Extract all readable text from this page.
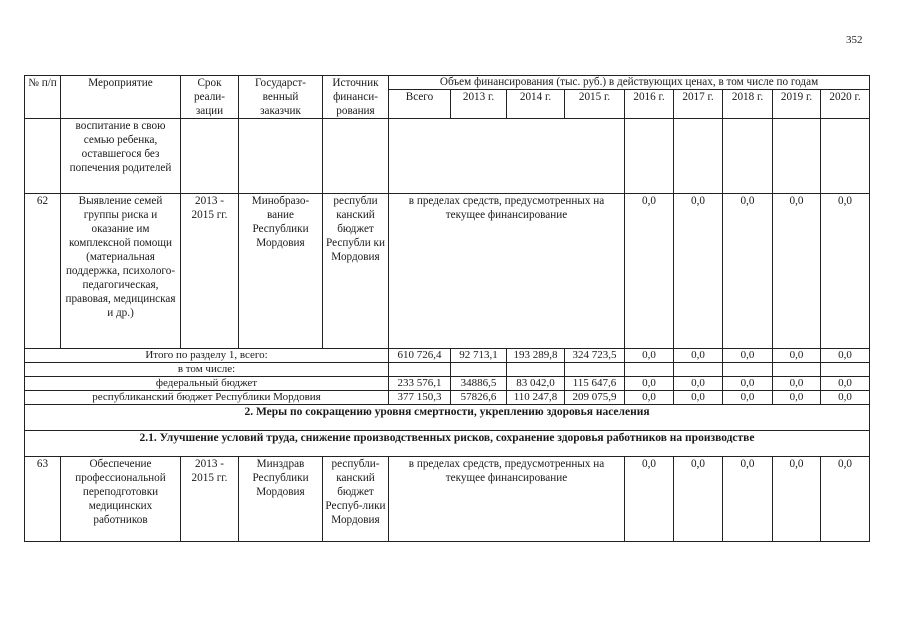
352
№ п/п	Мероприятие	Срок реали-зации	Государст-венный заказчик	Источник финанси-рования	Объем финансирования (тыс. руб.) в действующих ценах, в том числе по годам								
					Всего	2013 г.	2014 г.	2015 г.	2016 г.	2017 г.	2018 г.	2019 г.	2020 г.
	воспитание в свою семью ребенка, оставшегося без попечения родителей												
62	Выявление семей группы риска и оказание им комплексной помощи (материальная поддержка, психолого-педагогическая, правовая, медицинская и др.)	2013 - 2015 гг.	Минобразо-вание Республики Мордовия	республи канский бюджет Республи ки Мордовия	в пределах средств, предусмотренных на текущее финансирование				0,0	0,0	0,0	0,0	0,0
Итого по разделу 1, всего:					610 726,4	92 713,1	193 289,8	324 723,5	0,0	0,0	0,0	0,0	0,0
в том числе:													
федеральный бюджет					233 576,1	34886,5	83 042,0	115 647,6	0,0	0,0	0,0	0,0	0,0
республиканский бюджет Республики Мордовия					377 150,3	57826,6	110 247,8	209 075,9	0,0	0,0	0,0	0,0	0,0
2. Меры по сокращению уровня смертности, укреплению здоровья населения													
2.1. Улучшение условий труда, снижение производственных рисков, сохранение здоровья работников на производстве													
63	Обеспечение профессиональной переподготовки медицинских работников	2013 - 2015 гг.	Минздрав Республики Мордовия	республи-канский бюджет Респуб-лики Мордовия	в пределах средств, предусмотренных на текущее финансирование				0,0	0,0	0,0	0,0	0,0
